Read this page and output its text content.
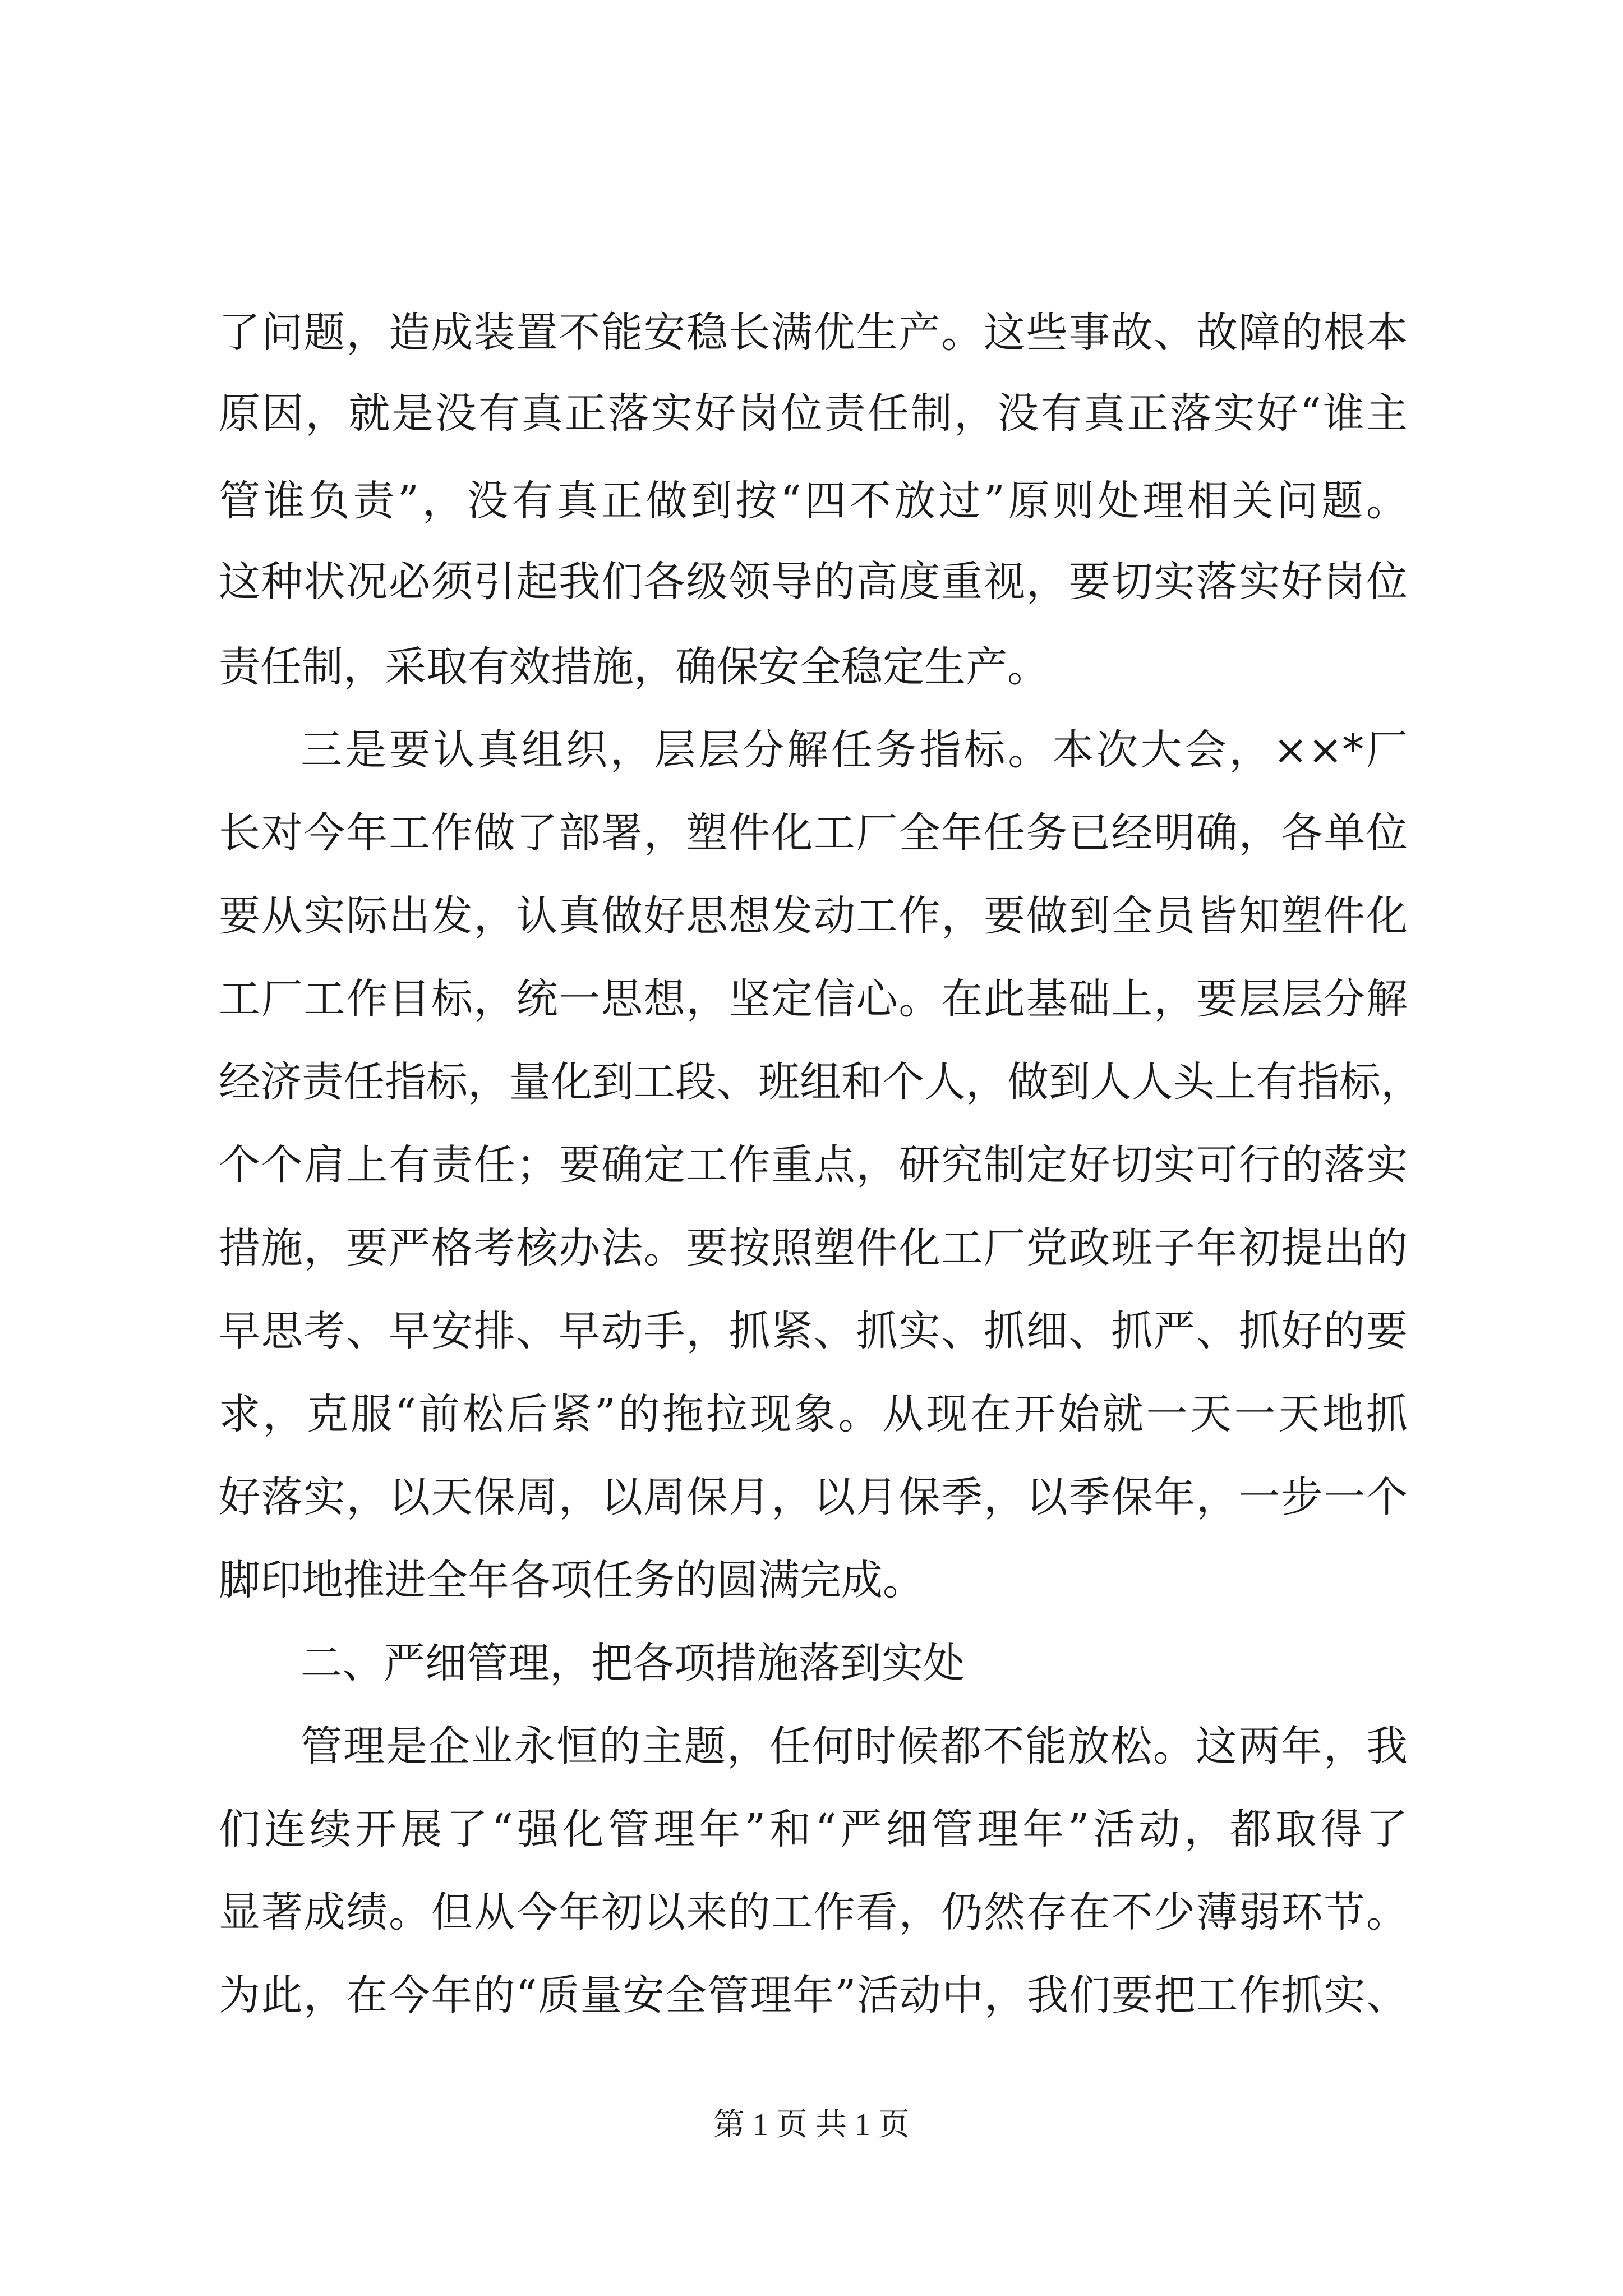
了问题，造成装置不能安稳长满优生产。这些事故、故障的根本
原因，就是没有真正落实好岗位责任制，没有真正落实好“谁主
管谁负责”，没有真正做到按“四不放过”原则处理相关问题。
这种状况必须引起我们各级领导的高度重视，要切实落实好岗位
责任制，采取有效措施，确保安全稳定生产。
三是要认真组织，层层分解任务指标。本次大会，××*厂
长对今年工作做了部署，塑件化工厂全年任务已经明确，各单位
要从实际出发，认真做好思想发动工作，要做到全员皆知塑件化
工厂工作目标，统一思想，坚定信心。在此基础上，要层层分解
经济责任指标，量化到工段、班组和个人，做到人人头上有指标，
个个肩上有责任；要确定工作重点，研究制定好切实可行的落实
措施，要严格考核办法。要按照塑件化工厂党政班子年初提出的
早思考、早安排、早动手，抓紧、抓实、抓细、抓严、抓好的要
求，克服“前松后紧”的拖拉现象。从现在开始就一天一天地抓
好落实，以天保周，以周保月，以月保季，以季保年，一步一个
脚印地推进全年各项任务的圆满完成。
二、严细管理，把各项措施落到实处
管理是企业永恒的主题，任何时候都不能放松。这两年，我
们连续开展了“强化管理年”和“严细管理年”活动，都取得了
显著成绩。但从今年初以来的工作看，仍然存在不少薄弱环节。
为此，在今年的“质量安全管理年”活动中，我们要把工作抓实、
第 1 页 共 1 页
